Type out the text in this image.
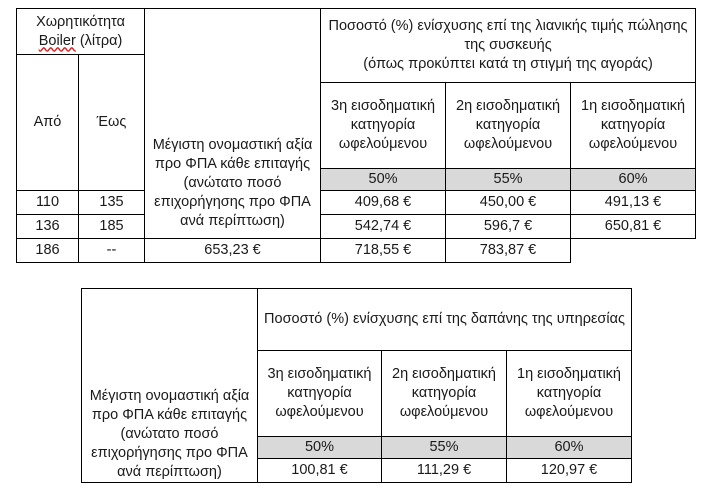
Χωρητικότητα
Boiler (λίτρα)		Μέγιστη ονομαστική αξία προ ΦΠΑ κάθε επιταγής (ανώτατο ποσό επιχορήγησης προ ΦΠΑ ανά περίπτωση)	Ποσοστό (%) ενίσχυσης επί της λιανικής τιμής πώλησης της συσκευής
(όπως προκύπτει κατά τη στιγμή της αγοράς)		
Από	Έως				
			3η εισοδηματική κατηγορία ωφελούμενου	2η εισοδηματική κατηγορία ωφελούμενου	1η εισοδηματική κατηγορία ωφελούμενου
			50%	55%	60%
110	135		409,68 €	450,00 €	491,13 €
136	185		542,74 €	596,7 €	650,81 €
186	--	653,23 €	718,55 €	783,87 €	
Μέγιστη ονομαστική αξία προ ΦΠΑ κάθε επιταγής (ανώτατο ποσό επιχορήγησης προ ΦΠΑ ανά περίπτωση)	Ποσοστό (%) ενίσχυσης επί της δαπάνης της υπηρεσίας		
	3η εισοδηματική κατηγορία ωφελούμενου	2η εισοδηματική κατηγορία ωφελούμενου	1η εισοδηματική κατηγορία ωφελούμενου
	50%	55%	60%
	100,81 €	111,29 €	120,97 €
